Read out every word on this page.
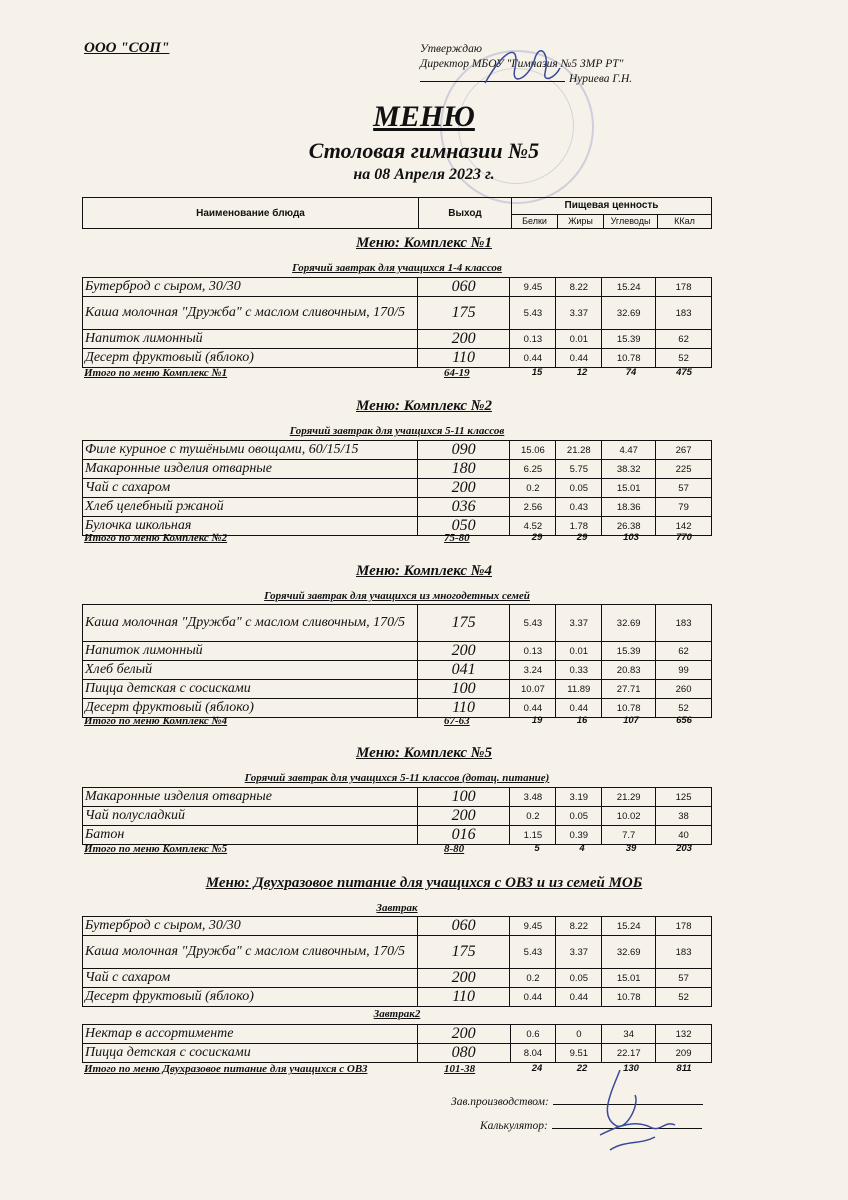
ООО "СОП"	Утверждаю
Директор МБОУ "Гимназия №5 ЗМР РТ"
Нуриева Г.Н.
МЕНЮ
Столовая гимназии №5
на 08 Апреля 2023 г.
Наименование блюда	Выход	Пищевая ценность			
		Белки	Жиры	Углеводы	ККал
Меню: Комплекс №1
Горячий завтрак для учащихся 1-4 классов
Бутерброд с сыром, 30/30	060	9.45	8.22	15.24	178
Каша молочная "Дружба" с маслом сливочным, 170/5	175	5.43	3.37	32.69	183
Напиток лимонный	200	0.13	0.01	15.39	62
Десерт фруктовый (яблоко)	110	0.44	0.44	10.78	52
Итого по меню Комплекс №1	64-19	15	12	74	475
Меню: Комплекс №2
Горячий завтрак для учащихся 5-11 классов
Филе куриное с тушёными овощами, 60/15/15	090	15.06	21.28	4.47	267
Макаронные изделия отварные	180	6.25	5.75	38.32	225
Чай с сахаром	200	0.2	0.05	15.01	57
Хлеб целебный ржаной	036	2.56	0.43	18.36	79
Булочка школьная	050	4.52	1.78	26.38	142
Итого по меню Комплекс №2	75-80	29	29	103	770
Меню: Комплекс №4
Горячий завтрак для учащихся из многодетных семей
Каша молочная "Дружба" с маслом сливочным, 170/5	175	5.43	3.37	32.69	183
Напиток лимонный	200	0.13	0.01	15.39	62
Хлеб белый	041	3.24	0.33	20.83	99
Пицца детская с сосисками	100	10.07	11.89	27.71	260
Десерт фруктовый (яблоко)	110	0.44	0.44	10.78	52
Итого по меню Комплекс №4	67-63	19	16	107	656
Меню: Комплекс №5
Горячий завтрак для учащихся 5-11 классов (дотац. питание)
Макаронные изделия отварные	100	3.48	3.19	21.29	125
Чай полусладкий	200	0.2	0.05	10.02	38
Батон	016	1.15	0.39	7.7	40
Итого по меню Комплекс №5	8-80	5	4	39	203
Меню: Двухразовое питание для учащихся с ОВЗ и из семей МОБ
Завтрак
Бутерброд с сыром, 30/30	060	9.45	8.22	15.24	178
Каша молочная "Дружба" с маслом сливочным, 170/5	175	5.43	3.37	32.69	183
Чай с сахаром	200	0.2	0.05	15.01	57
Десерт фруктовый (яблоко)	110	0.44	0.44	10.78	52
Завтрак2
Нектар в ассортименте	200	0.6	0	34	132
Пицца детская с сосисками	080	8.04	9.51	22.17	209
Итого по меню Двухразовое питание для учащихся с ОВЗ	101-38	24	22	130	811
Зав.производством:
Калькулятор:
